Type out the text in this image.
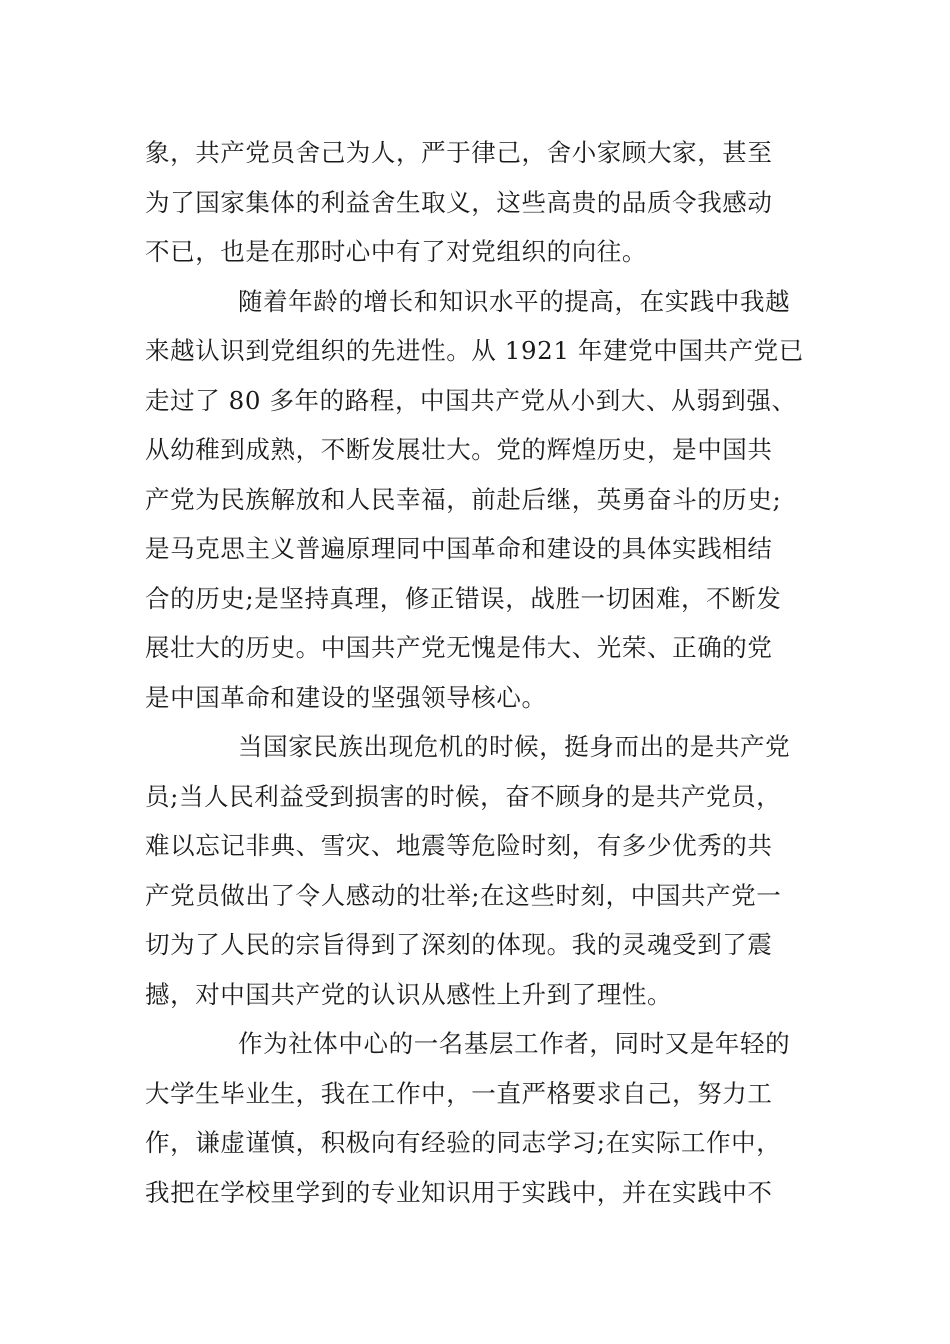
象，共产党员舍己为人，严于律己，舍小家顾大家，甚至
为了国家集体的利益舍生取义，这些高贵的品质令我感动
不已，也是在那时心中有了对党组织的向往。
随着年龄的增长和知识水平的提高，在实践中我越
来越认识到党组织的先进性。从 1921 年建党中国共产党已
走过了 80 多年的路程，中国共产党从小到大、从弱到强、
从幼稚到成熟，不断发展壮大。党的辉煌历史，是中国共
产党为民族解放和人民幸福，前赴后继，英勇奋斗的历史;
是马克思主义普遍原理同中国革命和建设的具体实践相结
合的历史;是坚持真理，修正错误，战胜一切困难，不断发
展壮大的历史。中国共产党无愧是伟大、光荣、正确的党
是中国革命和建设的坚强领导核心。
当国家民族出现危机的时候，挺身而出的是共产党
员;当人民利益受到损害的时候，奋不顾身的是共产党员，
难以忘记非典、雪灾、地震等危险时刻，有多少优秀的共
产党员做出了令人感动的壮举;在这些时刻，中国共产党一
切为了人民的宗旨得到了深刻的体现。我的灵魂受到了震
撼，对中国共产党的认识从感性上升到了理性。
作为社体中心的一名基层工作者，同时又是年轻的
大学生毕业生，我在工作中，一直严格要求自己，努力工
作，谦虚谨慎，积极向有经验的同志学习;在实际工作中，
我把在学校里学到的专业知识用于实践中，并在实践中不
